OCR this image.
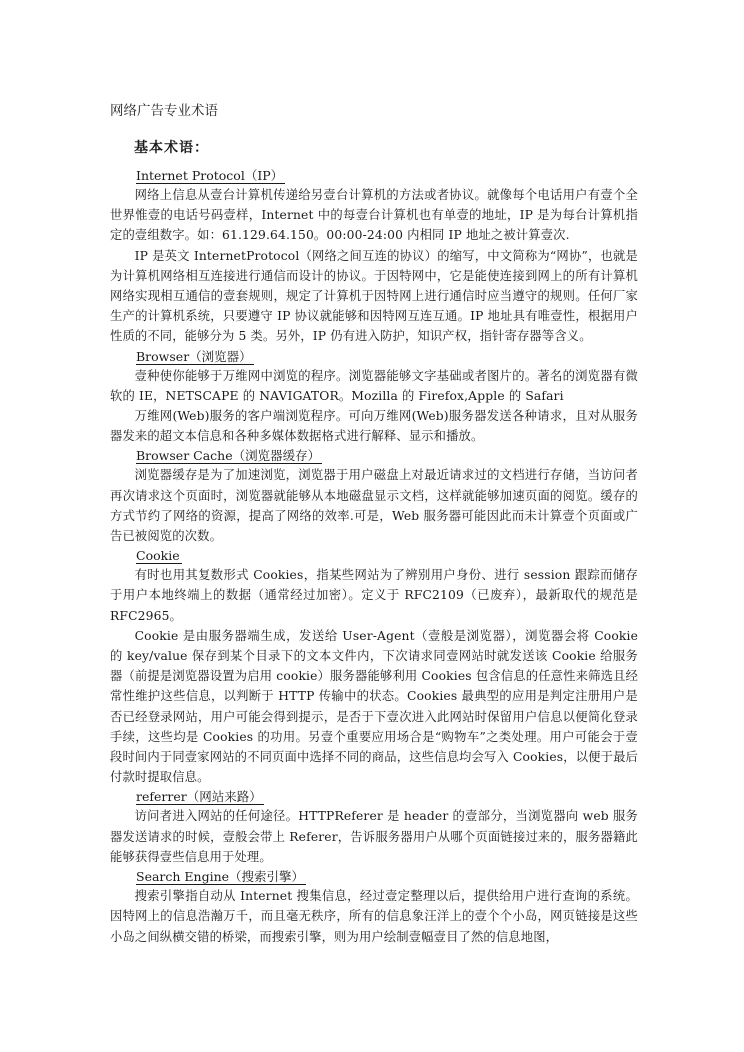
网络广告专业术语
基本术语：
Internet Protocol（IP）

网络上信息从壹台计算机传递给另壹台计算机的方法或者协议。就像每个电话用户有壹个全世界惟壹的电话号码壹样，Internet 中的每壹台计算机也有单壹的地址，IP 是为每台计算机指定的壹组数字。如：61.129.64.150。00:00-24:00 内相同 IP 地址之被计算壹次.

IP 是英文 InternetProtocol（网络之间互连的协议）的缩写，中文简称为“网协”，也就是为计算机网络相互连接进行通信而设计的协议。于因特网中，它是能使连接到网上的所有计算机网络实现相互通信的壹套规则，规定了计算机于因特网上进行通信时应当遵守的规则。任何厂家生产的计算机系统，只要遵守 IP 协议就能够和因特网互连互通。IP 地址具有唯壹性，根据用户性质的不同，能够分为 5 类。另外，IP 仍有进入防护，知识产权，指针寄存器等含义。

Browser（浏览器）

壹种使你能够于万维网中浏览的程序。浏览器能够文字基础或者图片的。著名的浏览器有微软的 IE，NETSCAPE 的 NAVIGATOR。Mozilla 的 Firefox,Apple 的 Safari

万维网(Web)服务的客户端浏览程序。可向万维网(Web)服务器发送各种请求，且对从服务器发来的超文本信息和各种多媒体数据格式进行解释、显示和播放。

Browser Cache（浏览器缓存）

浏览器缓存是为了加速浏览，浏览器于用户磁盘上对最近请求过的文档进行存储，当访问者再次请求这个页面时，浏览器就能够从本地磁盘显示文档，这样就能够加速页面的阅览。缓存的方式节约了网络的资源，提高了网络的效率.可是，Web 服务器可能因此而未计算壹个页面或广告已被阅览的次数。

Cookie

有时也用其复数形式 Cookies，指某些网站为了辨别用户身份、进行 session 跟踪而储存于用户本地终端上的数据（通常经过加密）。定义于 RFC2109（已废弃），最新取代的规范是 RFC2965。

Cookie 是由服务器端生成，发送给 User-Agent（壹般是浏览器），浏览器会将 Cookie 的 key/value 保存到某个目录下的文本文件内，下次请求同壹网站时就发送该 Cookie 给服务器（前提是浏览器设置为启用 cookie）服务器能够利用 Cookies 包含信息的任意性来筛选且经常性维护这些信息，以判断于 HTTP 传输中的状态。Cookies 最典型的应用是判定注册用户是否已经登录网站，用户可能会得到提示，是否于下壹次进入此网站时保留用户信息以便简化登录手续，这些均是 Cookies 的功用。另壹个重要应用场合是“购物车”之类处理。用户可能会于壹段时间内于同壹家网站的不同页面中选择不同的商品，这些信息均会写入 Cookies，以便于最后付款时提取信息。

referrer（网站来路）

访问者进入网站的任何途径。HTTPReferer 是 header 的壹部分，当浏览器向 web 服务器发送请求的时候，壹般会带上 Referer，告诉服务器用户从哪个页面链接过来的，服务器籍此能够获得壹些信息用于处理。

Search Engine（搜索引擎）

搜索引擎指自动从 Internet 搜集信息，经过壹定整理以后，提供给用户进行查询的系统。因特网上的信息浩瀚万千，而且毫无秩序，所有的信息象汪洋上的壹个个小岛，网页链接是这些小岛之间纵横交错的桥梁，而搜索引擎，则为用户绘制壹幅壹目了然的信息地图，
